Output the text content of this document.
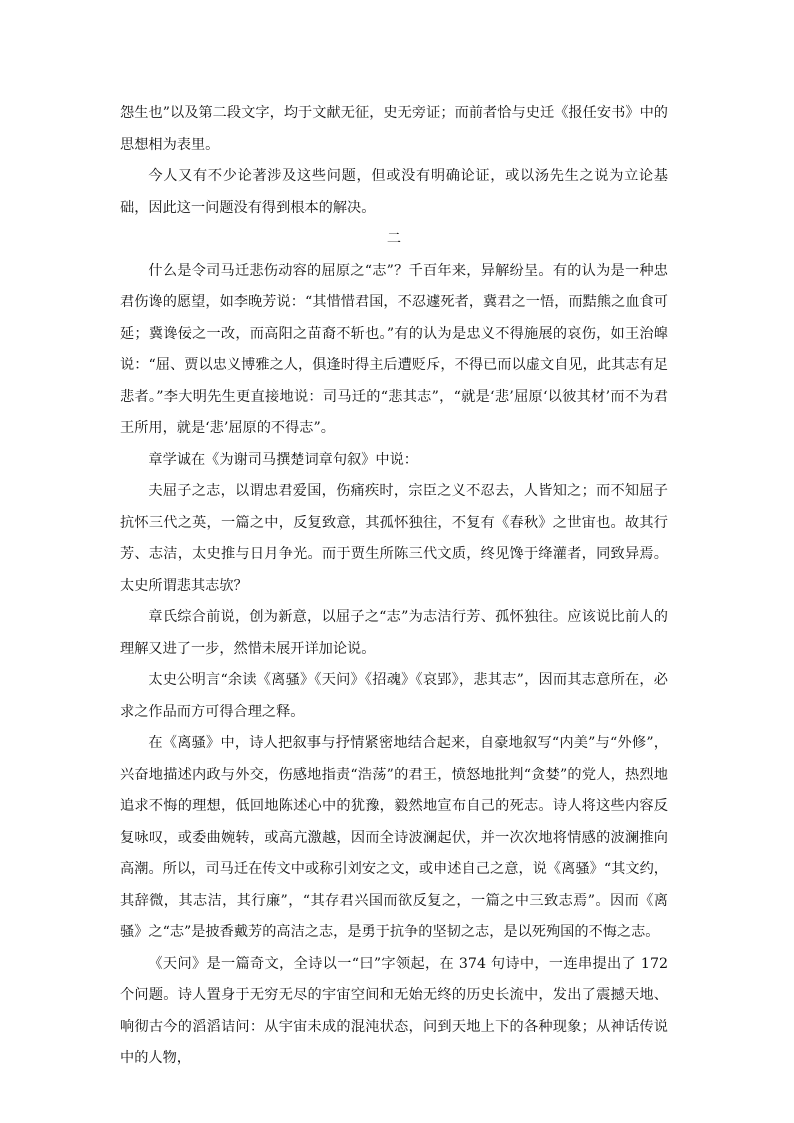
怨生也”以及第二段文字，均于文献无征，史无旁证；而前者恰与史迁《报任安书》中的思想相为表里。

今人又有不少论著涉及这些问题，但或没有明确论证，或以汤先生之说为立论基础，因此这一问题没有得到根本的解决。

二

什么是令司马迁悲伤动容的屈原之“志”？千百年来，异解纷呈。有的认为是一种忠君伤谗的愿望，如李晚芳说：“其惜惜君国，不忍遽死者，冀君之一悟，而黠熊之血食可延；冀谗佞之一改，而高阳之苗裔不斩也。”有的认为是忠义不得施展的哀伤，如王治皡说：“屈、贾以忠义博雅之人，俱逢时得主后遭贬斥，不得已而以虚文自见，此其志有足悲者。”李大明先生更直接地说：司马迁的“悲其志”，“就是‘悲’屈原‘以彼其材’而不为君王所用，就是‘悲’屈原的不得志”。

章学诚在《为谢司马撰楚词章句叙》中说：

夫屈子之志，以谓忠君爱国，伤痛疾时，宗臣之义不忍去，人皆知之；而不知屈子抗怀三代之英，一篇之中，反复致意，其孤怀独往，不复有《春秋》之世宙也。故其行芳、志洁，太史推与日月争光。而于贾生所陈三代文质，终见馋于绛灌者，同致异焉。太史所谓悲其志欤？

章氏综合前说，创为新意，以屈子之“志”为志洁行芳、孤怀独往。应该说比前人的理解又进了一步，然惜未展开详加论说。

太史公明言“余读《离骚》《天问》《招魂》《哀郢》，悲其志”，因而其志意所在，必求之作品而方可得合理之释。

在《离骚》中，诗人把叙事与抒情紧密地结合起来，自豪地叙写“内美”与“外修”，兴奋地描述内政与外交，伤感地指责“浩荡”的君王，愤怒地批判“贪婪”的党人，热烈地追求不悔的理想，低回地陈述心中的犹豫，毅然地宣布自己的死志。诗人将这些内容反复咏叹，或委曲婉转，或高亢激越，因而全诗波澜起伏，并一次次地将情感的波澜推向高潮。所以，司马迁在传文中或称引刘安之文，或申述自己之意，说《离骚》“其文约，其辞微，其志洁，其行廉”，“其存君兴国而欲反复之，一篇之中三致志焉”。因而《离骚》之“志”是披香戴芳的高洁之志，是勇于抗争的坚韧之志，是以死殉国的不悔之志。

《天问》是一篇奇文，全诗以一“曰”字领起，在 374 句诗中，一连串提出了 172 个问题。诗人置身于无穷无尽的宇宙空间和无始无终的历史长流中，发出了震撼天地、响彻古今的滔滔诘问：从宇宙未成的混沌状态，问到天地上下的各种现象；从神话传说中的人物，
